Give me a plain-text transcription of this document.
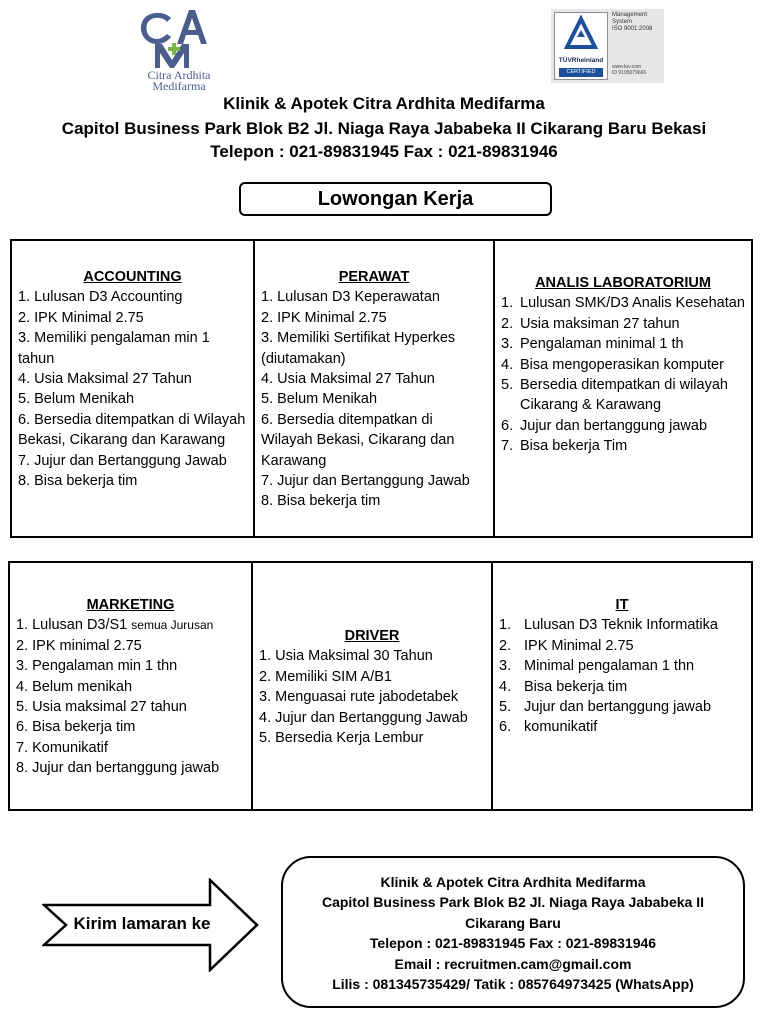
Citra Ardhita
Medifarma
TÜVRheinland
CERTIFIED
Management
System
ISO 9001:2008
www.tuv.com
ID 9105079666
Klinik & Apotek Citra Ardhita Medifarma
Capitol Business Park Blok B2 Jl. Niaga Raya Jababeka II Cikarang Baru Bekasi
Telepon : 021-89831945 Fax : 021-89831946
Lowongan Kerja
ACCOUNTING
1. Lulusan D3 Accounting
2. IPK Minimal 2.75
3. Memiliki pengalaman min 1 tahun
4. Usia Maksimal 27 Tahun
5. Belum Menikah
6. Bersedia ditempatkan di Wilayah Bekasi, Cikarang dan Karawang
7. Jujur dan Bertanggung Jawab
8. Bisa bekerja tim
PERAWAT
1. Lulusan D3 Keperawatan
2. IPK Minimal 2.75
3. Memiliki Sertifikat Hyperkes (diutamakan)
4. Usia Maksimal 27 Tahun
5. Belum Menikah
6. Bersedia ditempatkan di Wilayah Bekasi, Cikarang dan Karawang
7. Jujur dan Bertanggung Jawab
8. Bisa bekerja tim
ANALIS LABORATORIUM
1. Lulusan SMK/D3 Analis Kesehatan
2. Usia maksiman 27 tahun
3. Pengalaman minimal 1 th
4. Bisa mengoperasikan komputer
5. Bersedia ditempatkan di wilayah Cikarang & Karawang
6. Jujur dan bertanggung jawab
7. Bisa bekerja Tim
MARKETING
1. Lulusan D3/S1 semua Jurusan
2. IPK minimal 2.75
3. Pengalaman min 1 thn
4. Belum menikah
5. Usia maksimal 27 tahun
6. Bisa bekerja tim
7. Komunikatif
8. Jujur dan bertanggung jawab
DRIVER
1. Usia Maksimal 30 Tahun
2. Memiliki SIM A/B1
3. Menguasai rute jabodetabek
4. Jujur dan Bertanggung Jawab
5. Bersedia Kerja Lembur
IT
1. Lulusan D3 Teknik Informatika
2. IPK Minimal 2.75
3. Minimal pengalaman 1 thn
4. Bisa bekerja tim
5. Jujur dan bertanggung jawab
6. komunikatif
Kirim lamaran ke
Klinik & Apotek Citra Ardhita Medifarma
Capitol Business Park Blok B2 Jl. Niaga Raya Jababeka II
Cikarang Baru
Telepon : 021-89831945 Fax : 021-89831946
Email : recruitmen.cam@gmail.com
Lilis : 081345735429/ Tatik : 085764973425 (WhatsApp)
